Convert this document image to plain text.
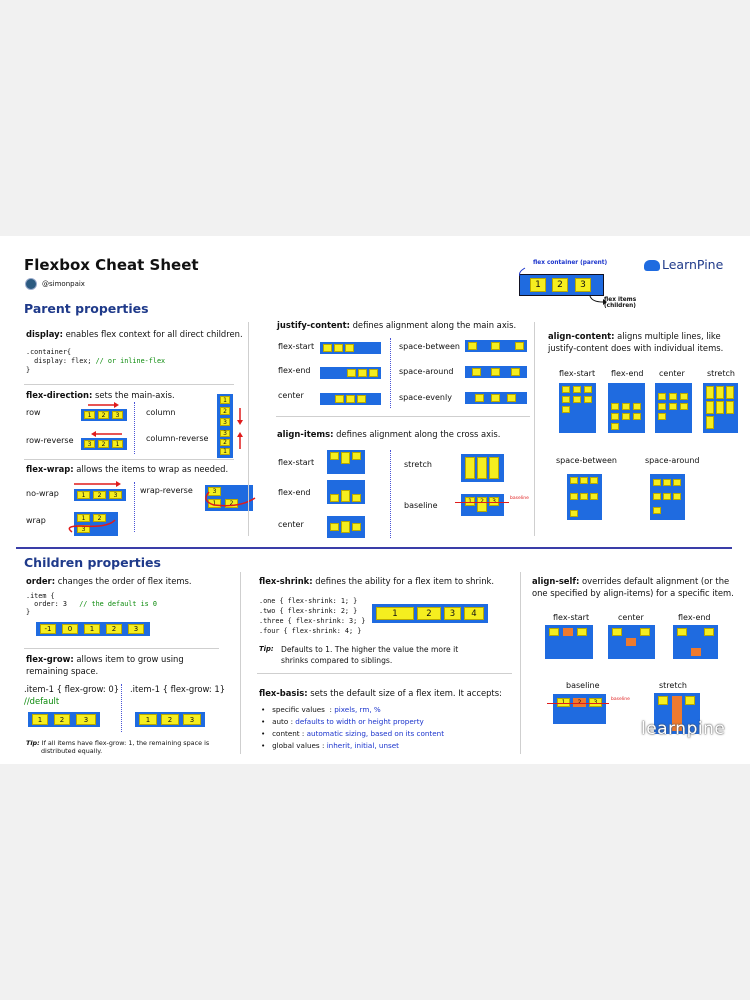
Flexbox Cheat Sheet
@simonpaix
flex container (parent)
1	2	3
flex items
(children)
LearnPine
Parent properties
display: enables flex context for all direct children.
.container{
display: flex; // or inline-flex
}
flex-direction: sets the main-axis.
row
row-reverse
1	2	3
3	2	1
column
column-reverse
1
2
3
3
2
1
flex-wrap: allows the items to wrap as needed.
no-wrap
wrap
1	2	3
1	2
3
wrap-reverse	3
1	2
justify-content: defines alignment along the main axis.
flex-start
flex-end
center
space-between
space-around
space-evenly
align-items: defines alignment along the cross axis.
flex-start
flex-end
center
stretch
baseline
baseline
align-content: aligns multiple lines, like
justify-content does with individual items.
flex-start flex-end center	stretch
space-between	space-around
Children properties
order: changes the order of flex items.
.item {
order: 3 // the default is 0
}
-1	0	1	2	3
flex-grow: allows item to grow using
remaining space.
.item-1 { flex-grow: 0}
//default
.item-1 { flex-grow: 1}
1	2	3	1	2	3
Tip: If all items have flex-grow: 1, the remaining space is
distributed equally.
flex-shrink: defines the ability for a flex item to shrink.
.one { flex-shrink: 1; }
.two { flex-shrink: 2; }
.three { flex-shrink: 3; }
.four { flex-shrink: 4; }
1	2	3	4
Tip: Defaults to 1. The higher the value the more it
shrinks compared to siblings.
flex-basis: sets the default size of a flex item. It accepts:
•   specific values  : pixels, rm, %
•   auto : defaults to width or height property
•   content : automatic sizing, based on its content
•   global values : inherit, initial, unset
align-self: overrides default alignment (or the
one specified by align-items) for a specific item.
flex-start	center	flex-end
baseline	stretch
baseline
learnpine
